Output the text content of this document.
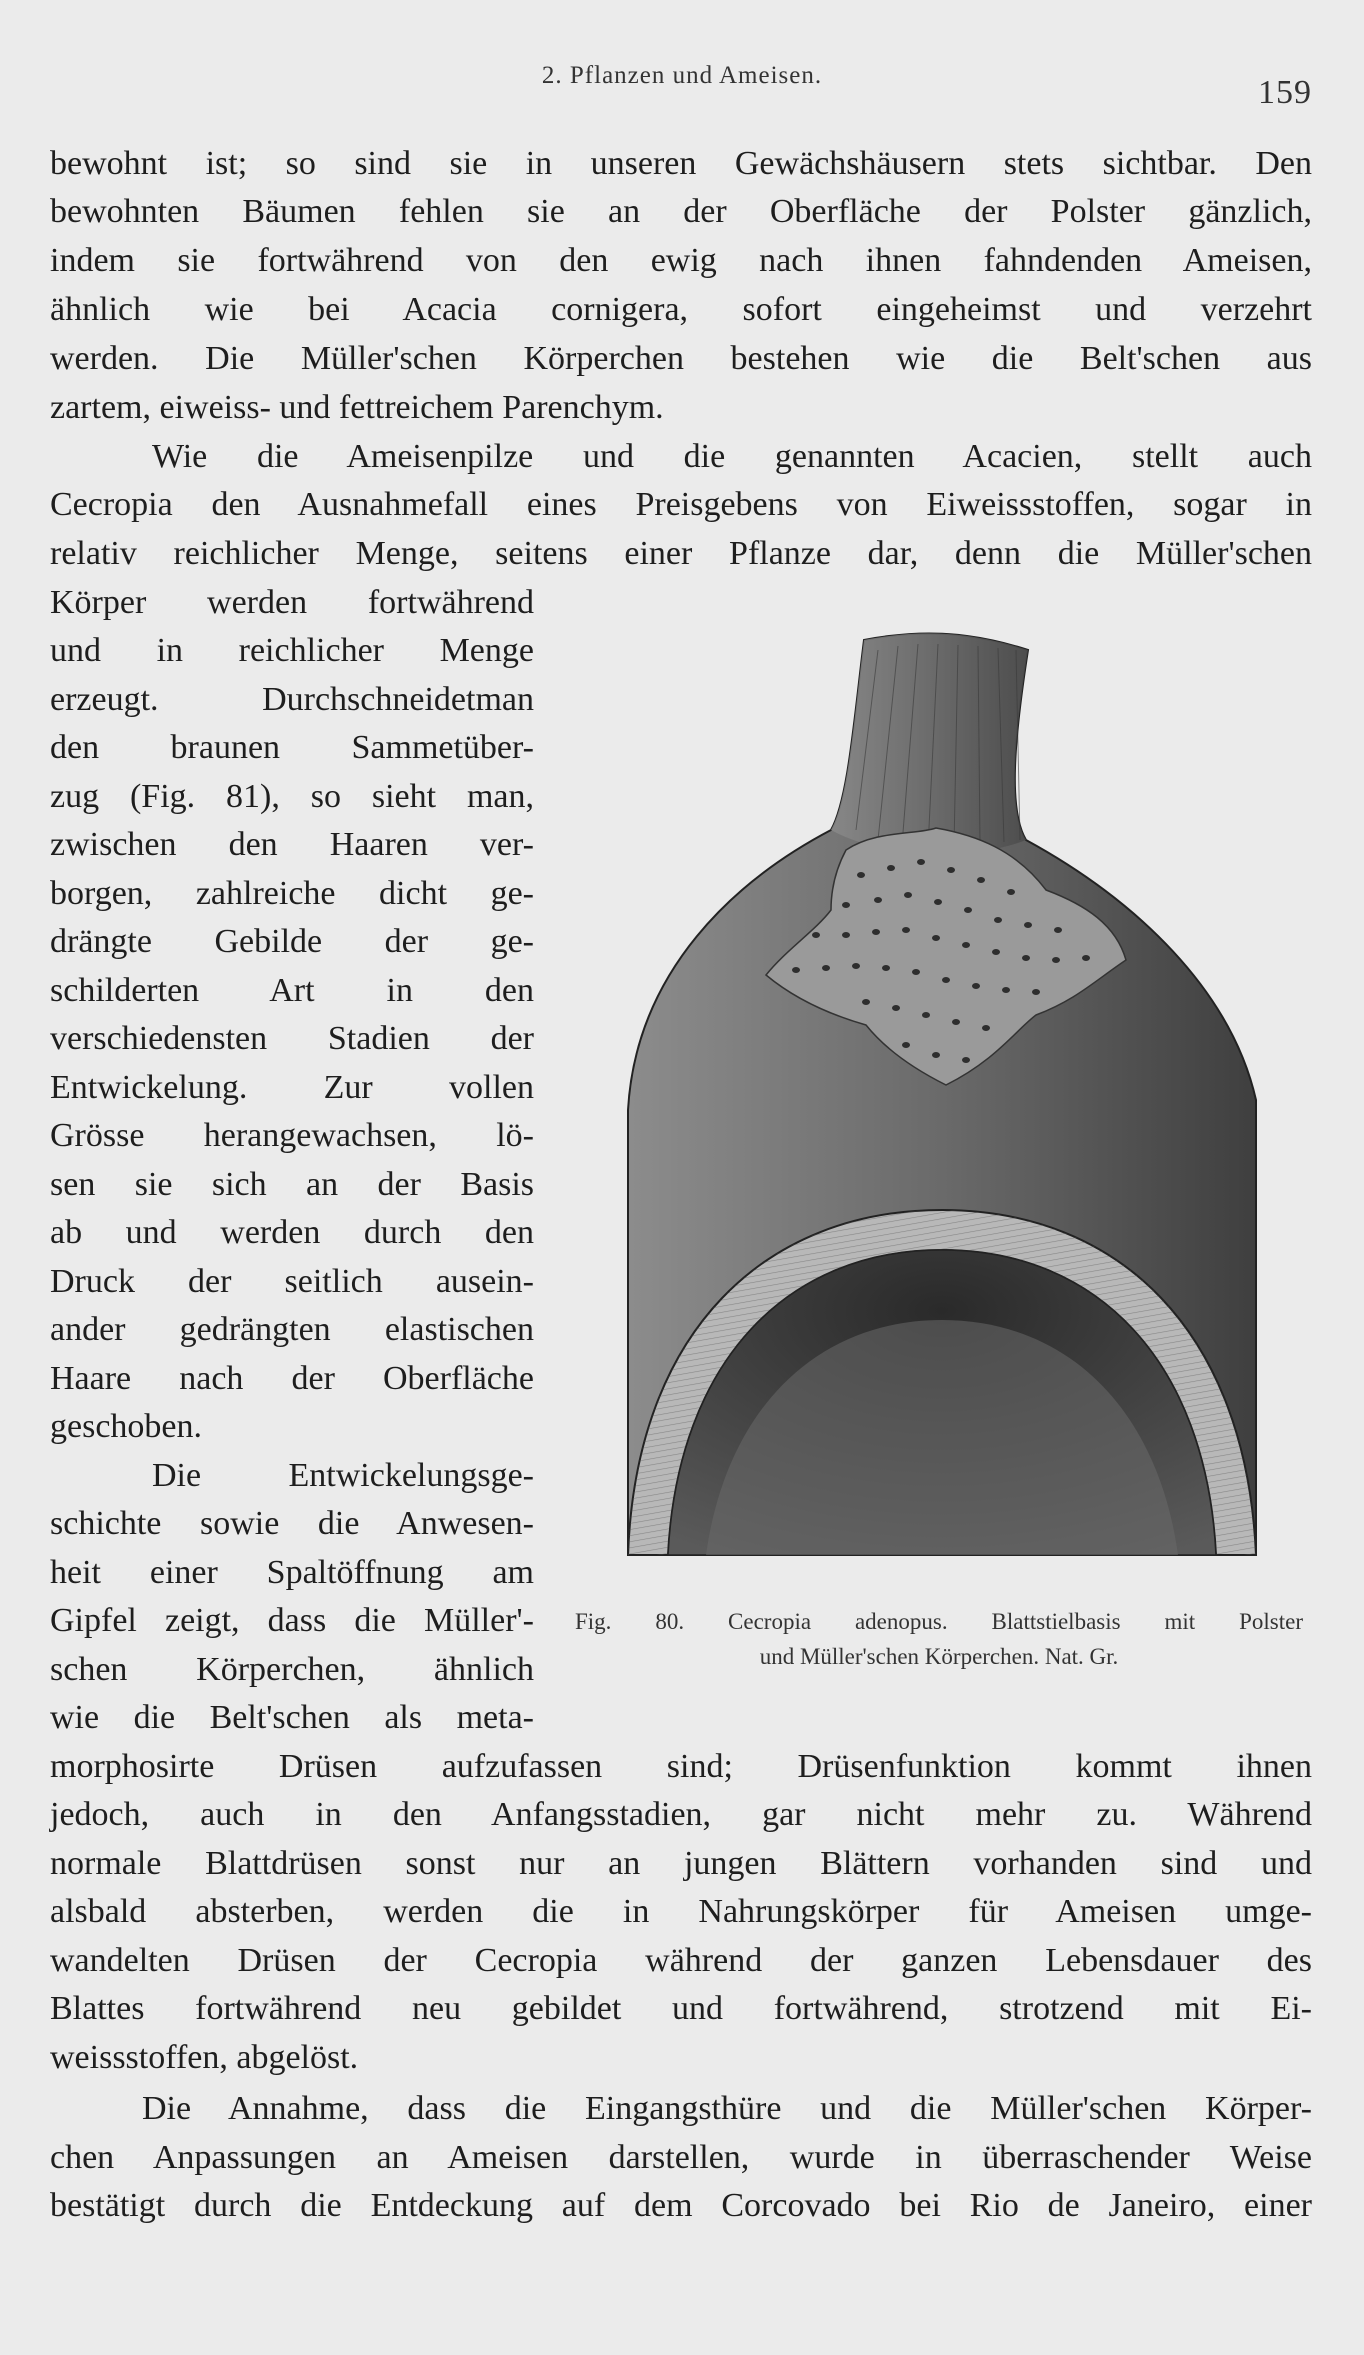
2. Pflanzen und Ameisen.	159
bewohnt ist; so sind sie in unseren Gewächshäusern stets sichtbar. Den
bewohnten Bäumen fehlen sie an der Oberfläche der Polster gänzlich,
indem sie fortwährend von den ewig nach ihnen fahndenden Ameisen,
ähnlich wie bei Acacia cornigera, sofort eingeheimst und verzehrt
werden. Die Müller'schen Körperchen bestehen wie die Belt'schen aus
zartem, eiweiss- und fettreichem Parenchym.
Wie die Ameisenpilze und die genannten Acacien, stellt auch
Cecropia den Ausnahmefall eines Preisgebens von Eiweissstoffen, sogar in
relativ reichlicher Menge, seitens einer Pflanze dar, denn die Müller'schen
Körper werden fortwährend
und in reichlicher Menge
erzeugt. Durchschneidetman
den braunen Sammetüber-
zug (Fig. 81), so sieht man,
zwischen den Haaren ver-
borgen, zahlreiche dicht ge-
drängte Gebilde der ge-
schilderten Art in den
verschiedensten Stadien der
Entwickelung. Zur vollen
Grösse herangewachsen, lö-
sen sie sich an der Basis
ab und werden durch den
Druck der seitlich ausein-
ander gedrängten elastischen
Haare nach der Oberfläche
geschoben.
Die Entwickelungsge-
schichte sowie die Anwesen-
heit einer Spaltöffnung am
Gipfel zeigt, dass die Müller'-
schen Körperchen, ähnlich
wie die Belt'schen als meta-
morphosirte Drüsen aufzufassen sind; Drüsenfunktion kommt ihnen
jedoch, auch in den Anfangsstadien, gar nicht mehr zu. Während
normale Blattdrüsen sonst nur an jungen Blättern vorhanden sind und
alsbald absterben, werden die in Nahrungskörper für Ameisen umge-
wandelten Drüsen der Cecropia während der ganzen Lebensdauer des
Blattes fortwährend neu gebildet und fortwährend, strotzend mit Ei-
weissstoffen, abgelöst.
Die Annahme, dass die Eingangsthüre und die Müller'schen Körper-
chen Anpassungen an Ameisen darstellen, wurde in überraschender Weise
bestätigt durch die Entdeckung auf dem Corcovado bei Rio de Janeiro, einer
Fig. 80. Cecropia adenopus. Blattstielbasis mit Polster
und Müller'schen Körperchen. Nat. Gr.
